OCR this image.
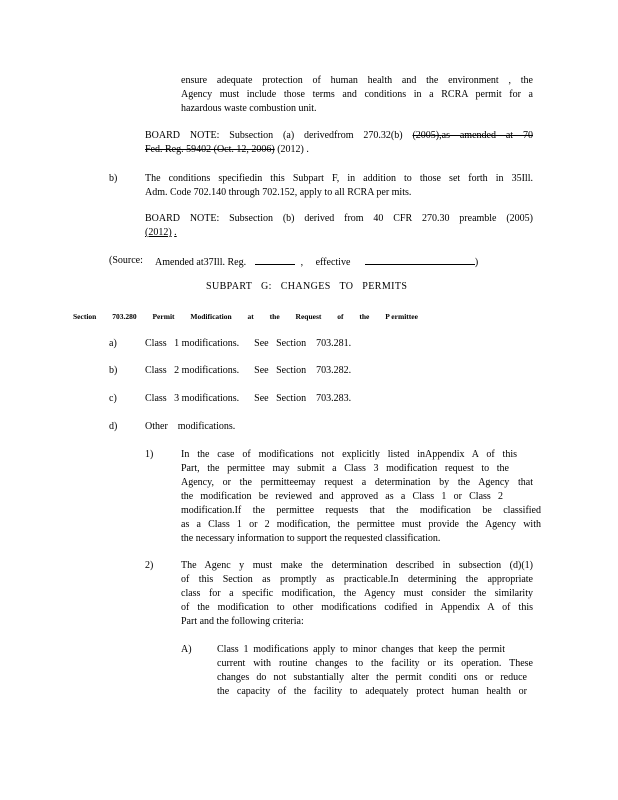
ensure adequate protection of human health and the environment , the
Agency must include those terms and conditions in a RCRA permit for a
hazardous waste combustion unit.
BOARD NOTE: Subsection (a) derivedfrom 270.32(b) (2005),as amended at 70
Fed. Reg. 59402 (Oct. 12, 2006) (2012) .
b)	The conditions specifiedin this Subpart F, in addition to those set forth in 35Ill.
Adm. Code 702.140 through 702.152, apply to all RCRA per mits.
BOARD NOTE: Subsection (b) derived from 40 CFR 270.30 preamble (2005)
(2012) .
(Source: Amended at37Ill. Reg.	, effective	)
SUBPART G: CHANGES TO PERMITS
Section 703.280 Permit Modification at the Request of the P ermittee
a)	Class   1 modifications.      See   Section    703.281.
b)	Class   2 modifications.      See   Section    703.282.
c)	Class   3 modifications.      See   Section    703.283.
d)	Other    modifications.
1)	In the case of modifications not explicitly listed inAppendix A of this
Part, the permittee may submit a Class 3 modification request to the
Agency, or the permitteemay request a determination by the Agency that
the modification be reviewed and approved as a Class 1 or Class 2
modification.If the permittee requests that the modification be classified
as a Class 1 or 2 modification, the permittee must provide the Agency with
the necessary information to support the requested classification.
2)	The Agenc y must make the determination described in subsection (d)(1)
of this Section as promptly as practicable.In determining the appropriate
class for a specific modification, the Agency must consider the similarity
of the modification to other modifications codified in Appendix A of this
Part and the following criteria:
A)	Class 1 modifications apply to minor changes that keep the permit
current with routine changes to the facility or its operation. These
changes do not substantially alter the permit conditi ons or reduce
the capacity of the facility to adequately protect human health or
